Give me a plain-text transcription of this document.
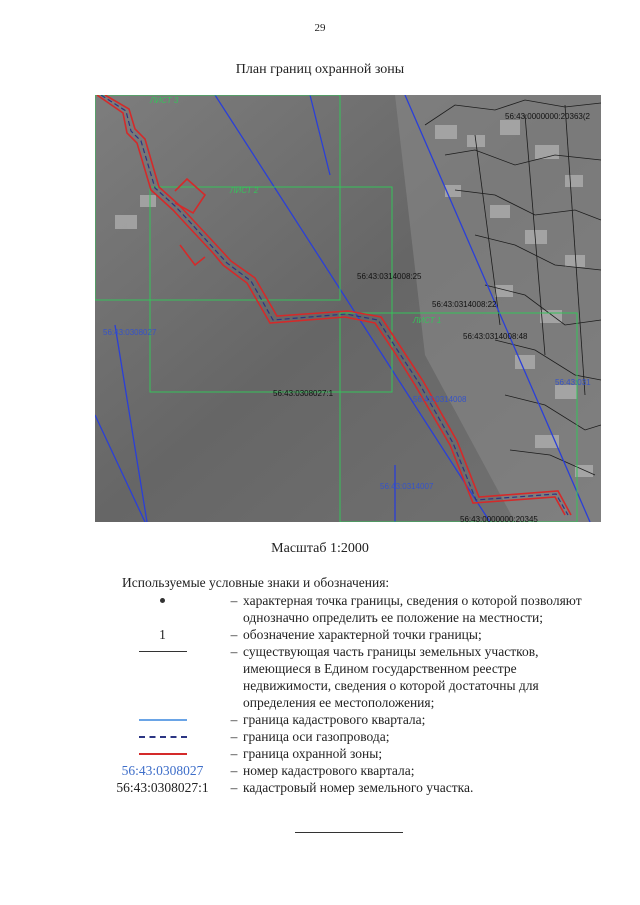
29
План границ охранной зоны
ЛИСТ 3
ЛИСТ 2
ЛИСТ 1
56:43:0000000:20363(2
56:43:0314008:25
56:43:0314008:22
56:43:0314008:48
56:43:0308027:1
56:43:0000000:20345
56:43:0308027
56:43:0314008
56:43:0314007
56:43:031
Масштаб 1:2000
Используемые условные знаки и обозначения:
– характерная точка границы, сведения о которой позволяют однозначно определить ее положение на местности;
1	– обозначение характерной точки границы;
– существующая часть границы земельных участков, имеющиеся в Едином государственном реестре недвижимости, сведения о которой достаточны для определения ее местоположения;
– граница кадастрового квартала;
– граница оси газопровода;
– граница охранной зоны;
56:43:0308027	– номер кадастрового квартала;
56:43:0308027:1	– кадастровый номер земельного участка.
